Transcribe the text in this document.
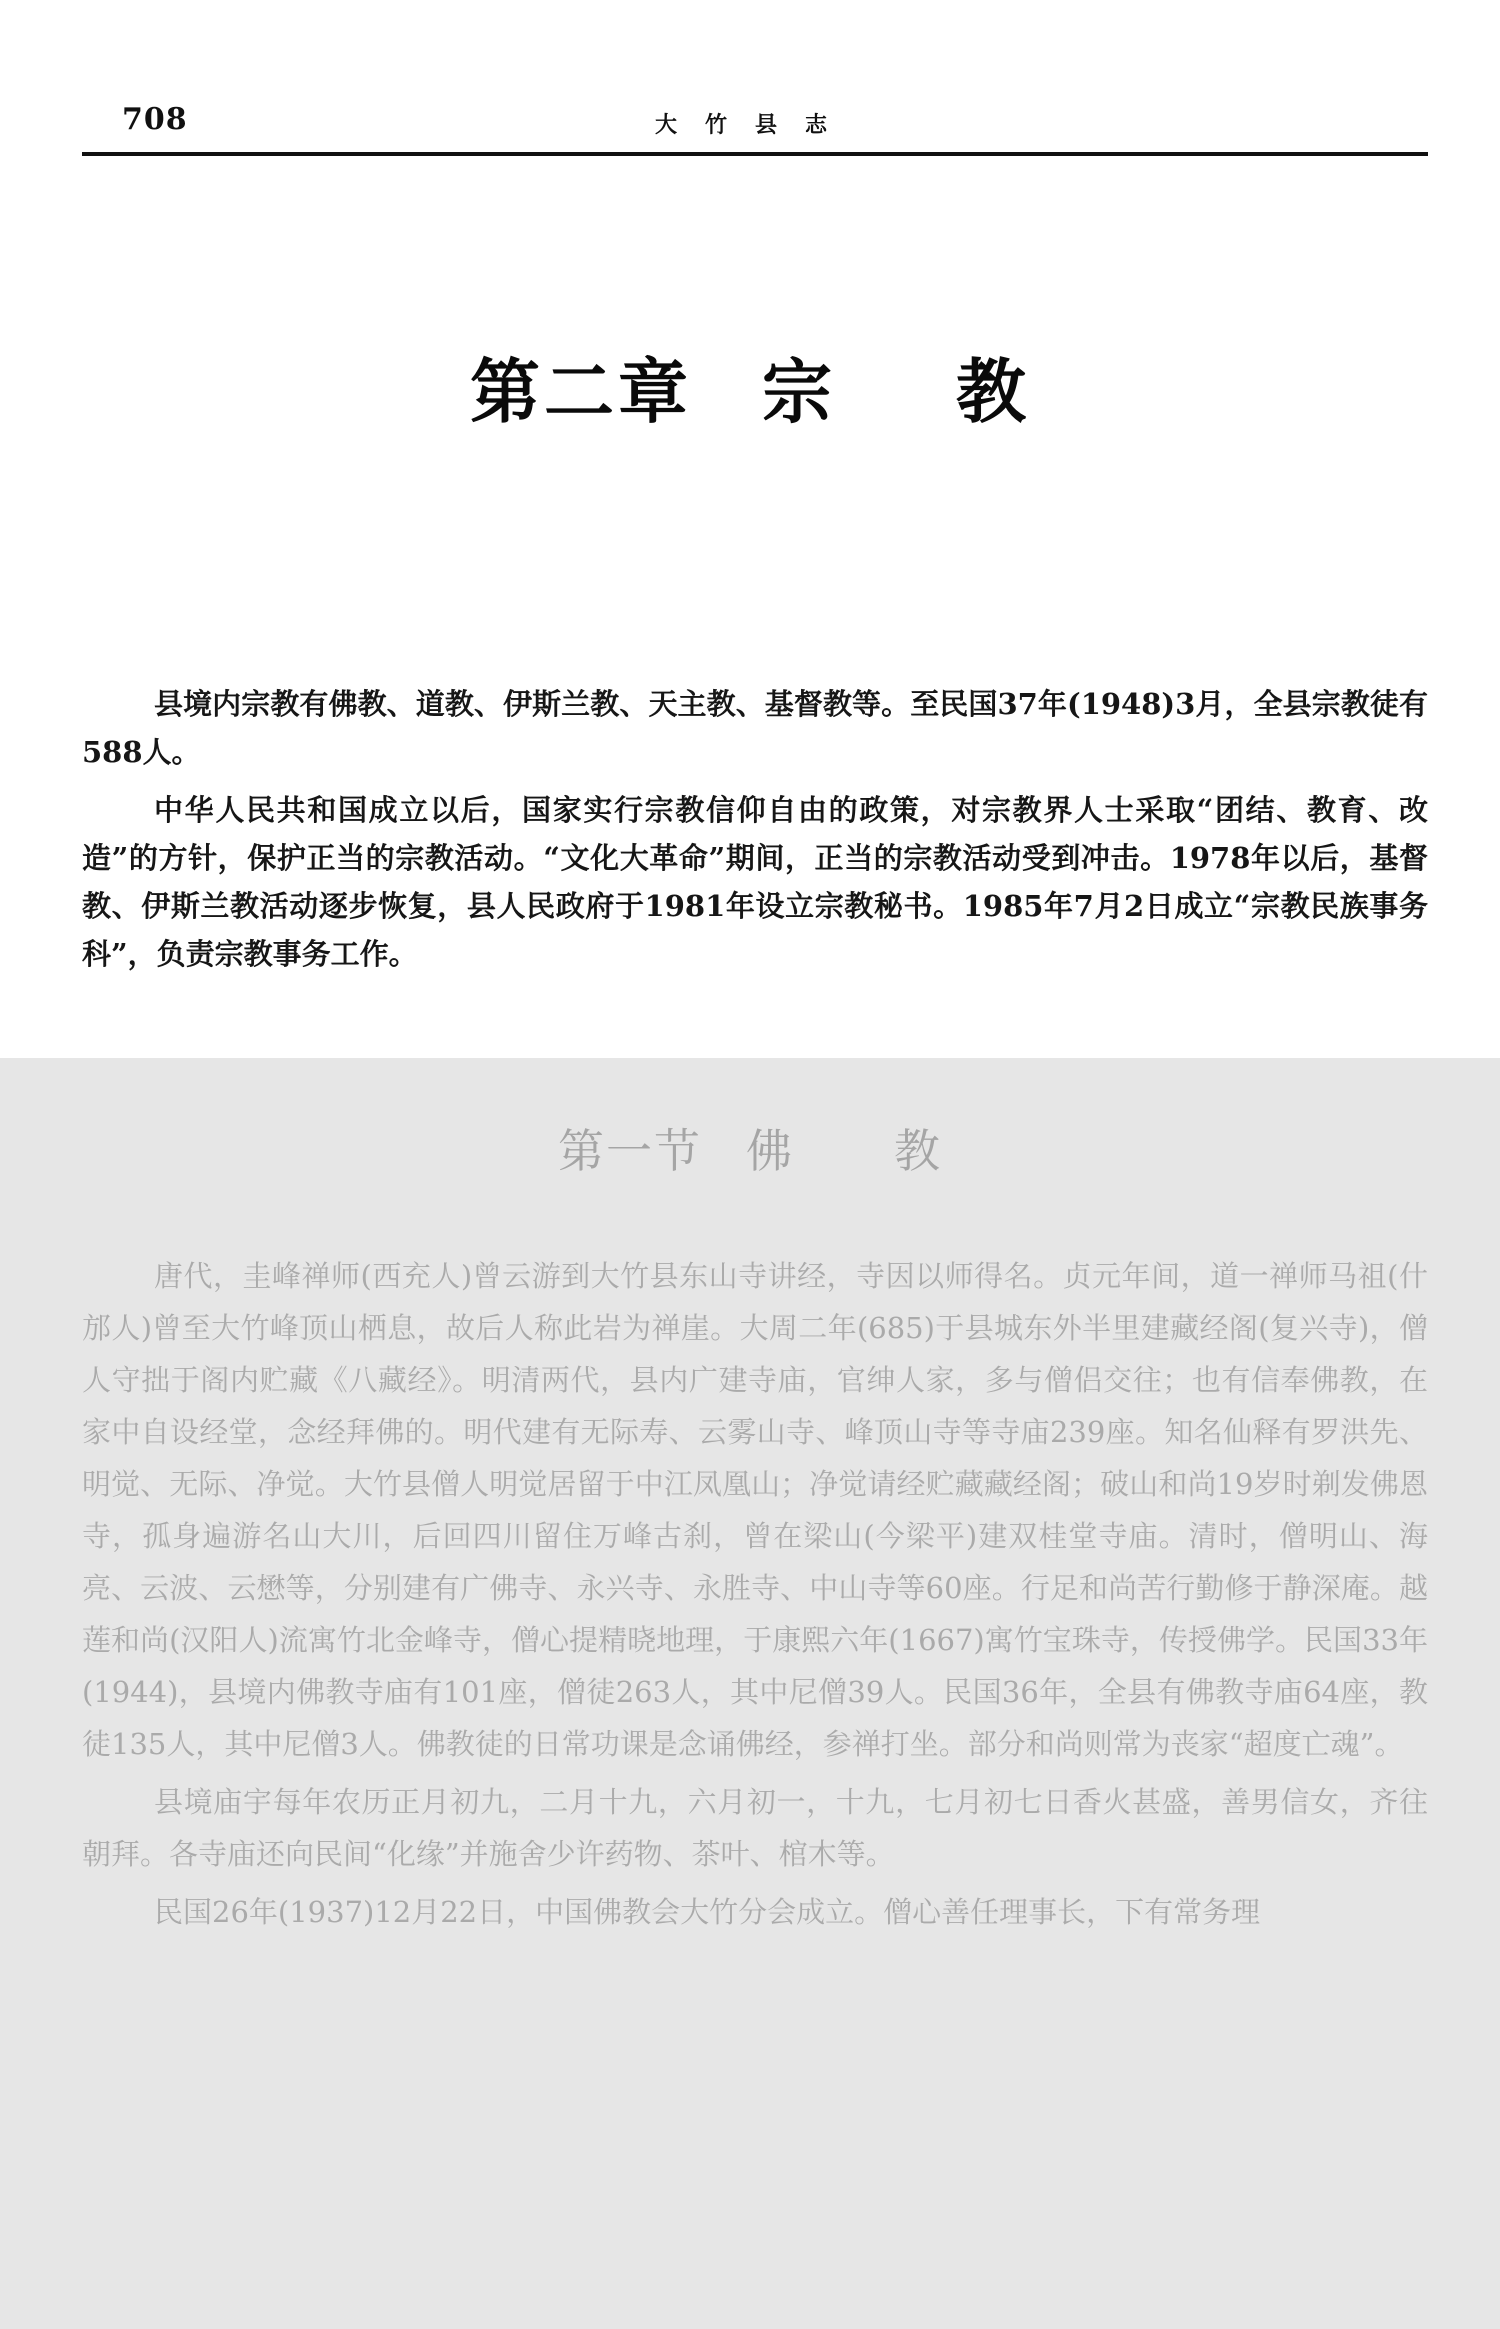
708	大竹县志
第二章 宗 教

县境内宗教有佛教、道教、伊斯兰教、天主教、基督教等。至民国37年(1948)3月，全县宗教徒有588人。

中华人民共和国成立以后，国家实行宗教信仰自由的政策，对宗教界人士采取“团结、教育、改造”的方针，保护正当的宗教活动。“文化大革命”期间，正当的宗教活动受到冲击。1978年以后，基督教、伊斯兰教活动逐步恢复，县人民政府于1981年设立宗教秘书。1985年7月2日成立“宗教民族事务科”，负责宗教事务工作。

第一节 佛 教

唐代，圭峰禅师(西充人)曾云游到大竹县东山寺讲经，寺因以师得名。贞元年间，道一禅师马祖(什邡人)曾至大竹峰顶山栖息，故后人称此岩为禅崖。大周二年(685)于县城东外半里建藏经阁(复兴寺)，僧人守拙于阁内贮藏《八藏经》。明清两代，县内广建寺庙，官绅人家，多与僧侣交往；也有信奉佛教，在家中自设经堂，念经拜佛的。明代建有无际寿、云雾山寺、峰顶山寺等寺庙239座。知名仙释有罗洪先、明觉、无际、净觉。大竹县僧人明觉居留于中江凤凰山；净觉请经贮藏藏经阁；破山和尚19岁时剃发佛恩寺，孤身遍游名山大川，后回四川留住万峰古刹，曾在梁山(今梁平)建双桂堂寺庙。清时，僧明山、海亮、云波、云懋等，分别建有广佛寺、永兴寺、永胜寺、中山寺等60座。行足和尚苦行勤修于静深庵。越莲和尚(汉阳人)流寓竹北金峰寺，僧心提精晓地理，于康熙六年(1667)寓竹宝珠寺，传授佛学。民国33年(1944)，县境内佛教寺庙有101座，僧徒263人，其中尼僧39人。民国36年，全县有佛教寺庙64座，教徒135人，其中尼僧3人。佛教徒的日常功课是念诵佛经，参禅打坐。部分和尚则常为丧家“超度亡魂”。

县境庙宇每年农历正月初九，二月十九，六月初一，十九，七月初七日香火甚盛，善男信女，齐往朝拜。各寺庙还向民间“化缘”并施舍少许药物、茶叶、棺木等。

民国26年(1937)12月22日，中国佛教会大竹分会成立。僧心善任理事长，下有常务理
